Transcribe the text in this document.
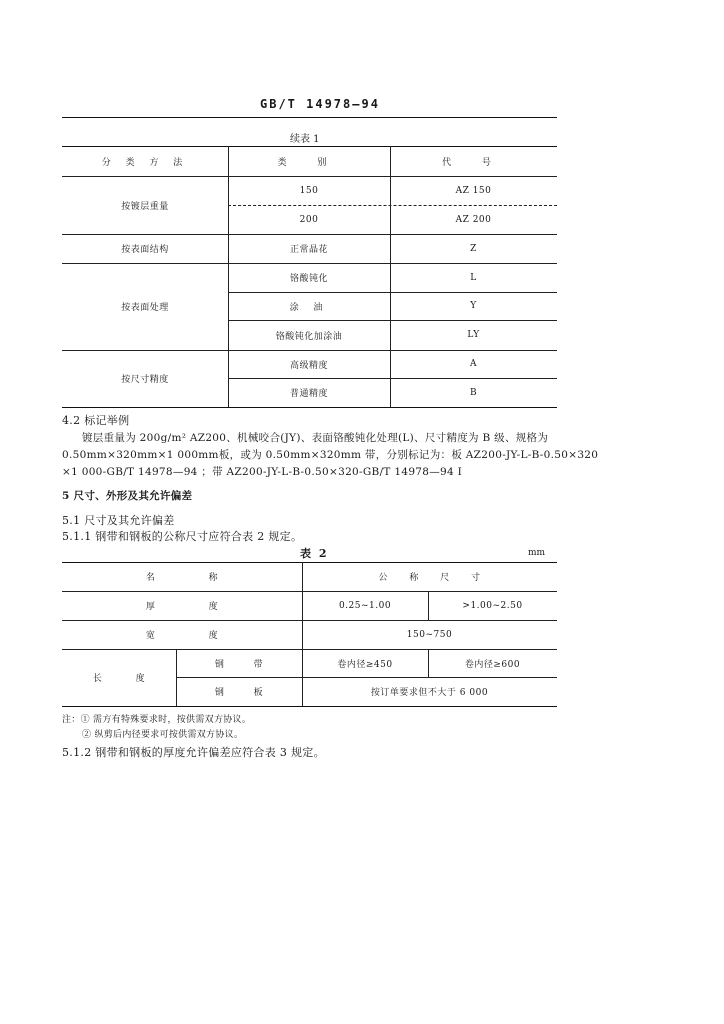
GB/T 14978—94
续表 1
分 类 方 法	类 别	代 号
按镀层重量
150	AZ 150
200	AZ 200
按表面结构	正常晶花	Z
按表面处理
铬酸钝化	L
涂 油	Y
铬酸钝化加涂油	LY
按尺寸精度
高级精度	A
普通精度	B
4.2 标记举例
镀层重量为 200g/m² AZ200、机械咬合(JY)、表面铬酸钝化处理(L)、尺寸精度为 B 级、规格为
0.50mm×320mm×1 000mm板，或为 0.50mm×320mm 带，分别标记为：板 AZ200-JY-L-B-0.50×320
×1 000-GB/T 14978—94 ；带 AZ200-JY-L-B-0.50×320-GB/T 14978—94 I
5 尺寸、外形及其允许偏差
5.1 尺寸及其允许偏差
5.1.1 钢带和钢板的公称尺寸应符合表 2 规定。
表 2	mm
名 称	公 称 尺 寸
厚 度	0.25~1.00	>1.00~2.50
宽 度	150~750
长 度
钢 带	卷内径≥450	卷内径≥600
钢 板	按订单要求但不大于 6 000
注：① 需方有特殊要求时，按供需双方协议。
② 纵剪后内径要求可按供需双方协议。
5.1.2 钢带和钢板的厚度允许偏差应符合表 3 规定。
